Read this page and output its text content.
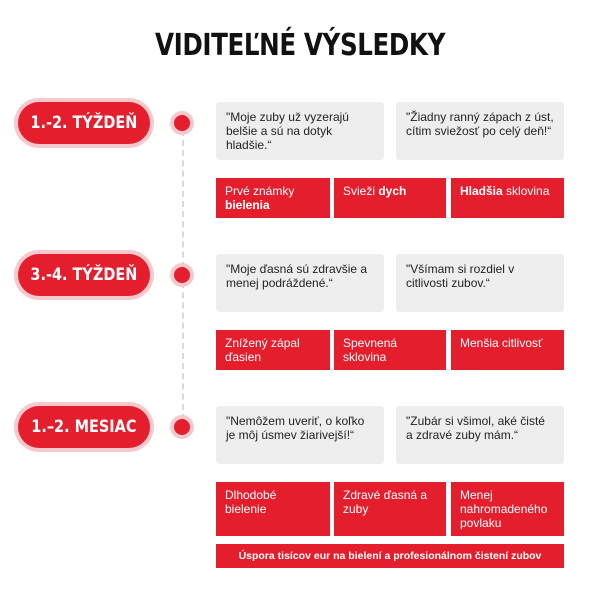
VIDITEĽNÉ VÝSLEDKY
1.-2. TÝŽDEŇ	"Moje zuby už vyzerajú belšie a sú na dotyk hladšie.“
"Žiadny ranný zápach z úst, cítim sviežosť po celý deň!“
Prvé známky bielenia
Svieži dych	Hladšia sklovina
3.-4. TÝŽDEŇ	"Moje ďasná sú zdravšie a menej podráždené.“
"Všímam si rozdiel v citlivosti zubov.“
Znížený zápal ďasien
Spevnená sklovina
Menšia citlivosť
1.–2. MESIAC	"Nemôžem uveriť, o koľko je môj úsmev žiarivejší!“
"Zubár si všimol, aké čisté a zdravé zuby mám.“
Dlhodobé bielenie
Zdravé ďasná a zuby
Menej nahromadeného povlaku
Úspora tisícov eur na bielení a profesionálnom čistení zubov
